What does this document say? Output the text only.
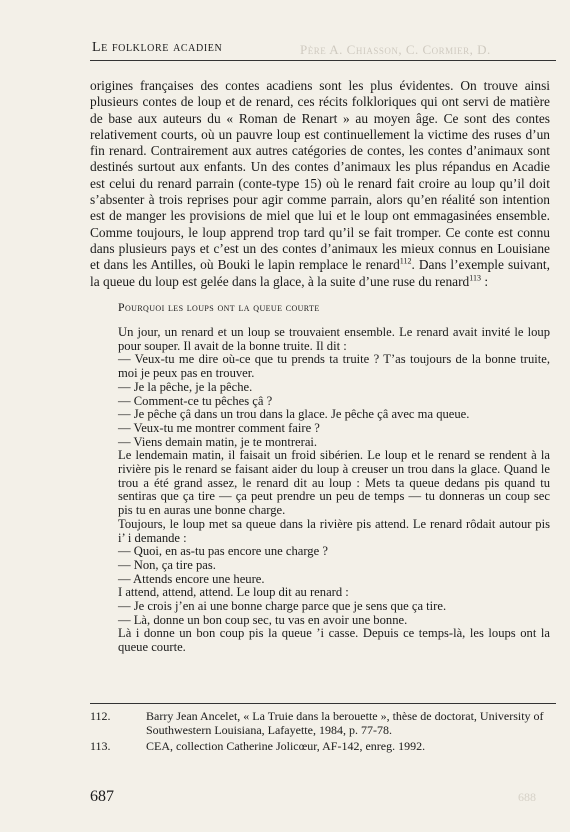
Père A. Chiasson, C. Cormier, D.
Le folklore acadien

origines françaises des contes acadiens sont les plus évidentes. On trouve ainsi plusieurs contes de loup et de renard, ces récits folkloriques qui ont servi de matière de base aux auteurs du « Roman de Renart » au moyen âge. Ce sont des contes relativement courts, où un pauvre loup est continuellement la victime des ruses d’un fin renard. Contrairement aux autres catégories de contes, les contes d’animaux sont destinés surtout aux enfants. Un des contes d’animaux les plus répandus en Acadie est celui du renard parrain (conte-type 15) où le renard fait croire au loup qu’il doit s’absenter à trois reprises pour agir comme parrain, alors qu’en réalité son intention est de manger les provisions de miel que lui et le loup ont emmagasinées ensemble. Comme toujours, le loup apprend trop tard qu’il se fait tromper. Ce conte est connu dans plusieurs pays et c’est un des contes d’animaux les mieux connus en Louisiane et dans les Antilles, où Bouki le lapin remplace le renard$^{112}$. Dans l’exemple suivant, la queue du loup est gelée dans la glace, à la suite d’une ruse du renard$^{113}$ :

Pourquoi les loups ont la queue courte

Un jour, un renard et un loup se trouvaient ensemble. Le renard avait invité le loup pour souper. Il avait de la bonne truite. Il dit :

— Veux-tu me dire où-ce que tu prends ta truite ? T’as toujours de la bonne truite, moi je peux pas en trouver.

— Je la pêche, je la pêche.

— Comment-ce tu pêches çâ ?

— Je pêche çâ dans un trou dans la glace. Je pêche çâ avec ma queue.

— Veux-tu me montrer comment faire ?

— Viens demain matin, je te montrerai.

Le lendemain matin, il faisait un froid sibérien. Le loup et le renard se rendent à la rivière pis le renard se faisant aider du loup à creuser un trou dans la glace. Quand le trou a été grand assez, le renard dit au loup : Mets ta queue dedans pis quand tu sentiras que ça tire — ça peut prendre un peu de temps — tu donneras un coup sec pis tu en auras une bonne charge.

Toujours, le loup met sa queue dans la rivière pis attend. Le renard rôdait autour pis i’ i demande :

— Quoi, en as-tu pas encore une charge ?

— Non, ça tire pas.

— Attends encore une heure.

I attend, attend, attend. Le loup dit au renard :

— Je crois j’en ai une bonne charge parce que je sens que ça tire.

— Là, donne un bon coup sec, tu vas en avoir une bonne.

Là i donne un bon coup pis la queue ’i casse. Depuis ce temps-là, les loups ont la queue courte.

112.	Barry Jean Ancelet, « La Truie dans la berouette », thèse de doctorat, University of Southwestern Louisiana, Lafayette, 1984, p. 77-78.
113.	CEA, collection Catherine Jolicœur, AF-142, enreg. 1992.
687	688
